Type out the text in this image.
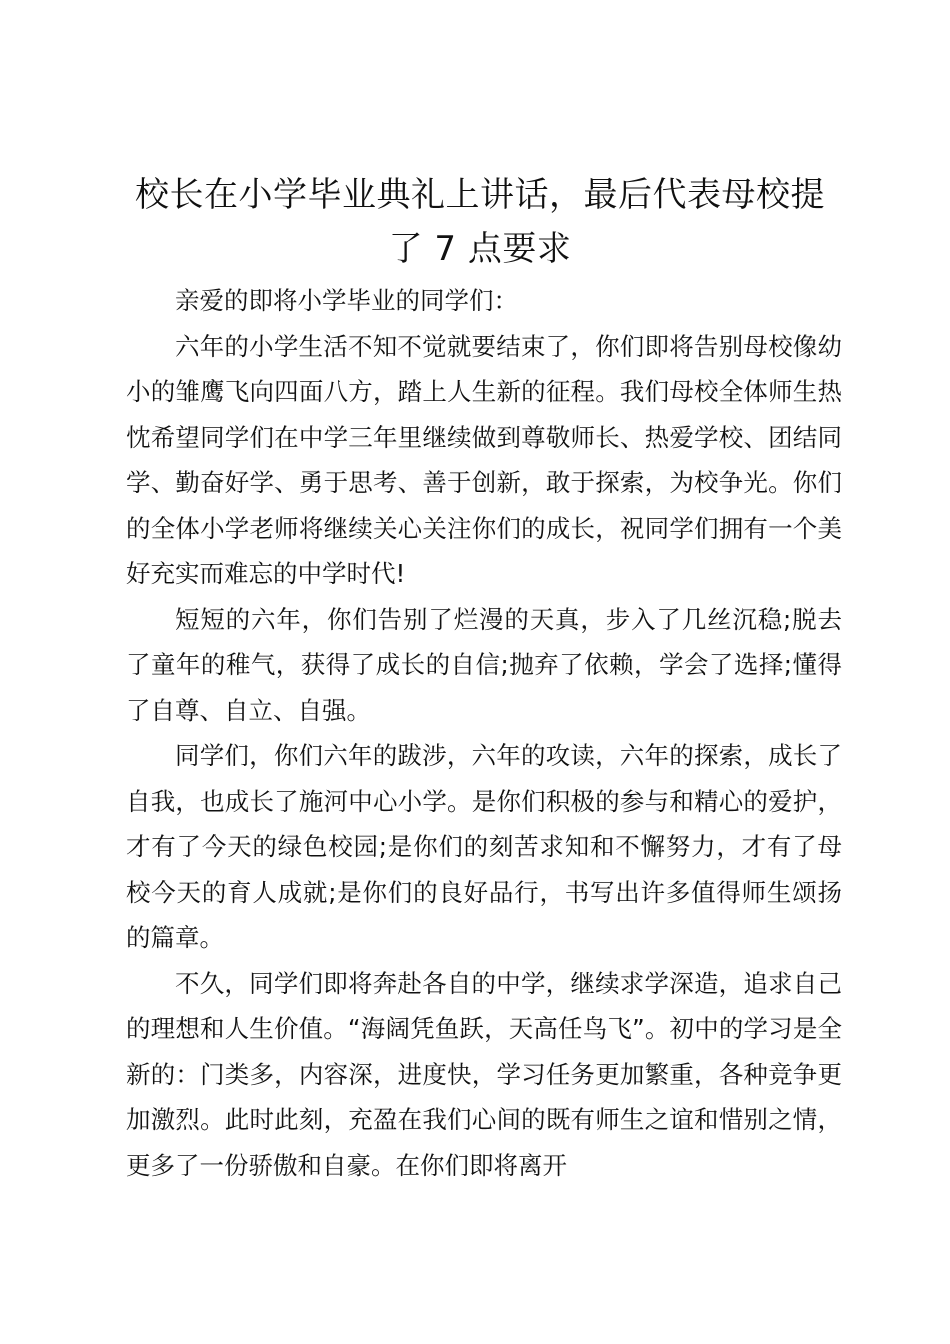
校长在小学毕业典礼上讲话，最后代表母校提了 7 点要求

亲爱的即将小学毕业的同学们：

六年的小学生活不知不觉就要结束了，你们即将告别母校像幼小的雏鹰飞向四面八方，踏上人生新的征程。我们母校全体师生热忱希望同学们在中学三年里继续做到尊敬师长、热爱学校、团结同学、勤奋好学、勇于思考、善于创新，敢于探索，为校争光。你们的全体小学老师将继续关心关注你们的成长，祝同学们拥有一个美好充实而难忘的中学时代!

短短的六年，你们告别了烂漫的天真，步入了几丝沉稳;脱去了童年的稚气，获得了成长的自信;抛弃了依赖，学会了选择;懂得了自尊、自立、自强。

同学们，你们六年的跋涉，六年的攻读，六年的探索，成长了自我，也成长了施河中心小学。是你们积极的参与和精心的爱护，才有了今天的绿色校园;是你们的刻苦求知和不懈努力，才有了母校今天的育人成就;是你们的良好品行，书写出许多值得师生颂扬的篇章。

不久，同学们即将奔赴各自的中学，继续求学深造，追求自己的理想和人生价值。“海阔凭鱼跃，天高任鸟飞”。初中的学习是全新的：门类多，内容深，进度快，学习任务更加繁重，各种竞争更加激烈。此时此刻，充盈在我们心间的既有师生之谊和惜别之情，更多了一份骄傲和自豪。在你们即将离开
